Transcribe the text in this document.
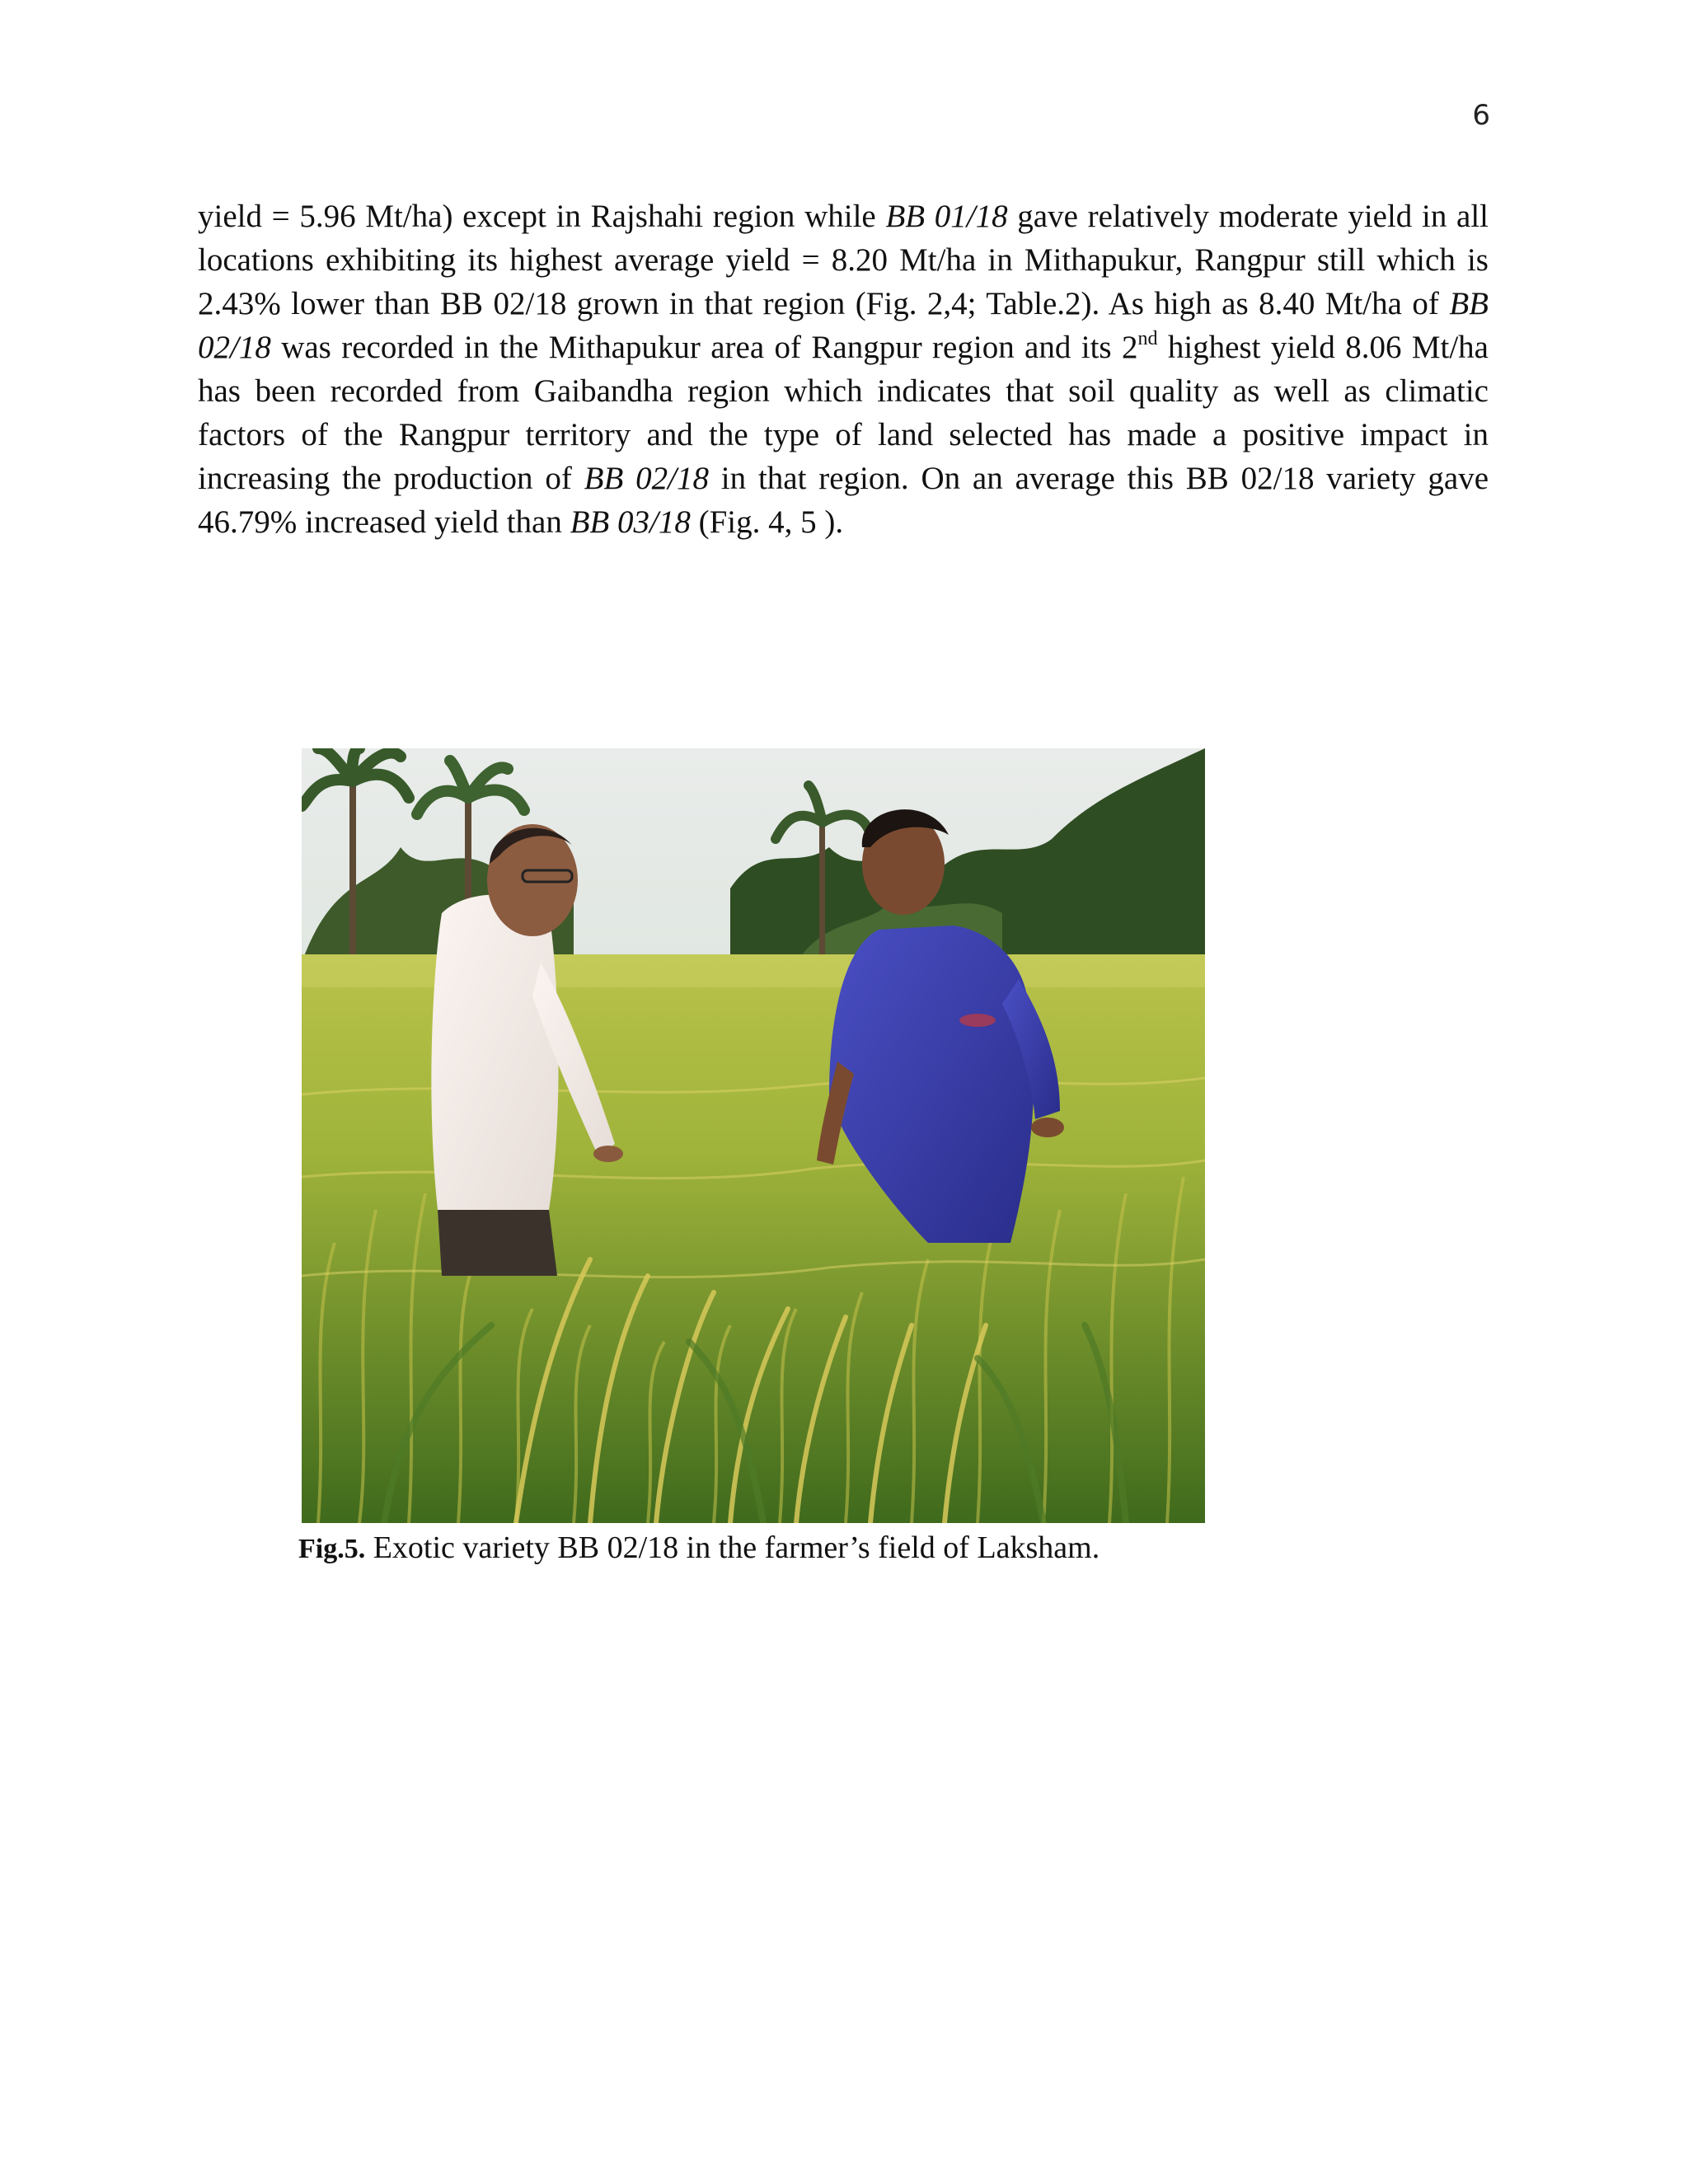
6

yield = 5.96 Mt/ha) except in Rajshahi region while BB 01/18 gave relatively moderate yield in all locations exhibiting its highest average yield = 8.20 Mt/ha in Mithapukur, Rangpur still which is 2.43% lower than BB 02/18 grown in that region (Fig. 2,4; Table.2). As high as 8.40 Mt/ha of BB 02/18 was recorded in the Mithapukur area of Rangpur region and its 2nd highest yield 8.06 Mt/ha has been recorded from Gaibandha region which indicates that soil quality as well as climatic factors of the Rangpur territory and the type of land selected has made a positive impact in increasing the production of BB 02/18 in that region. On an average this BB 02/18 variety gave 46.79% increased yield than BB 03/18 (Fig. 4, 5 ).

Fig.5. Exotic variety BB 02/18 in the farmer’s field of Laksham.
